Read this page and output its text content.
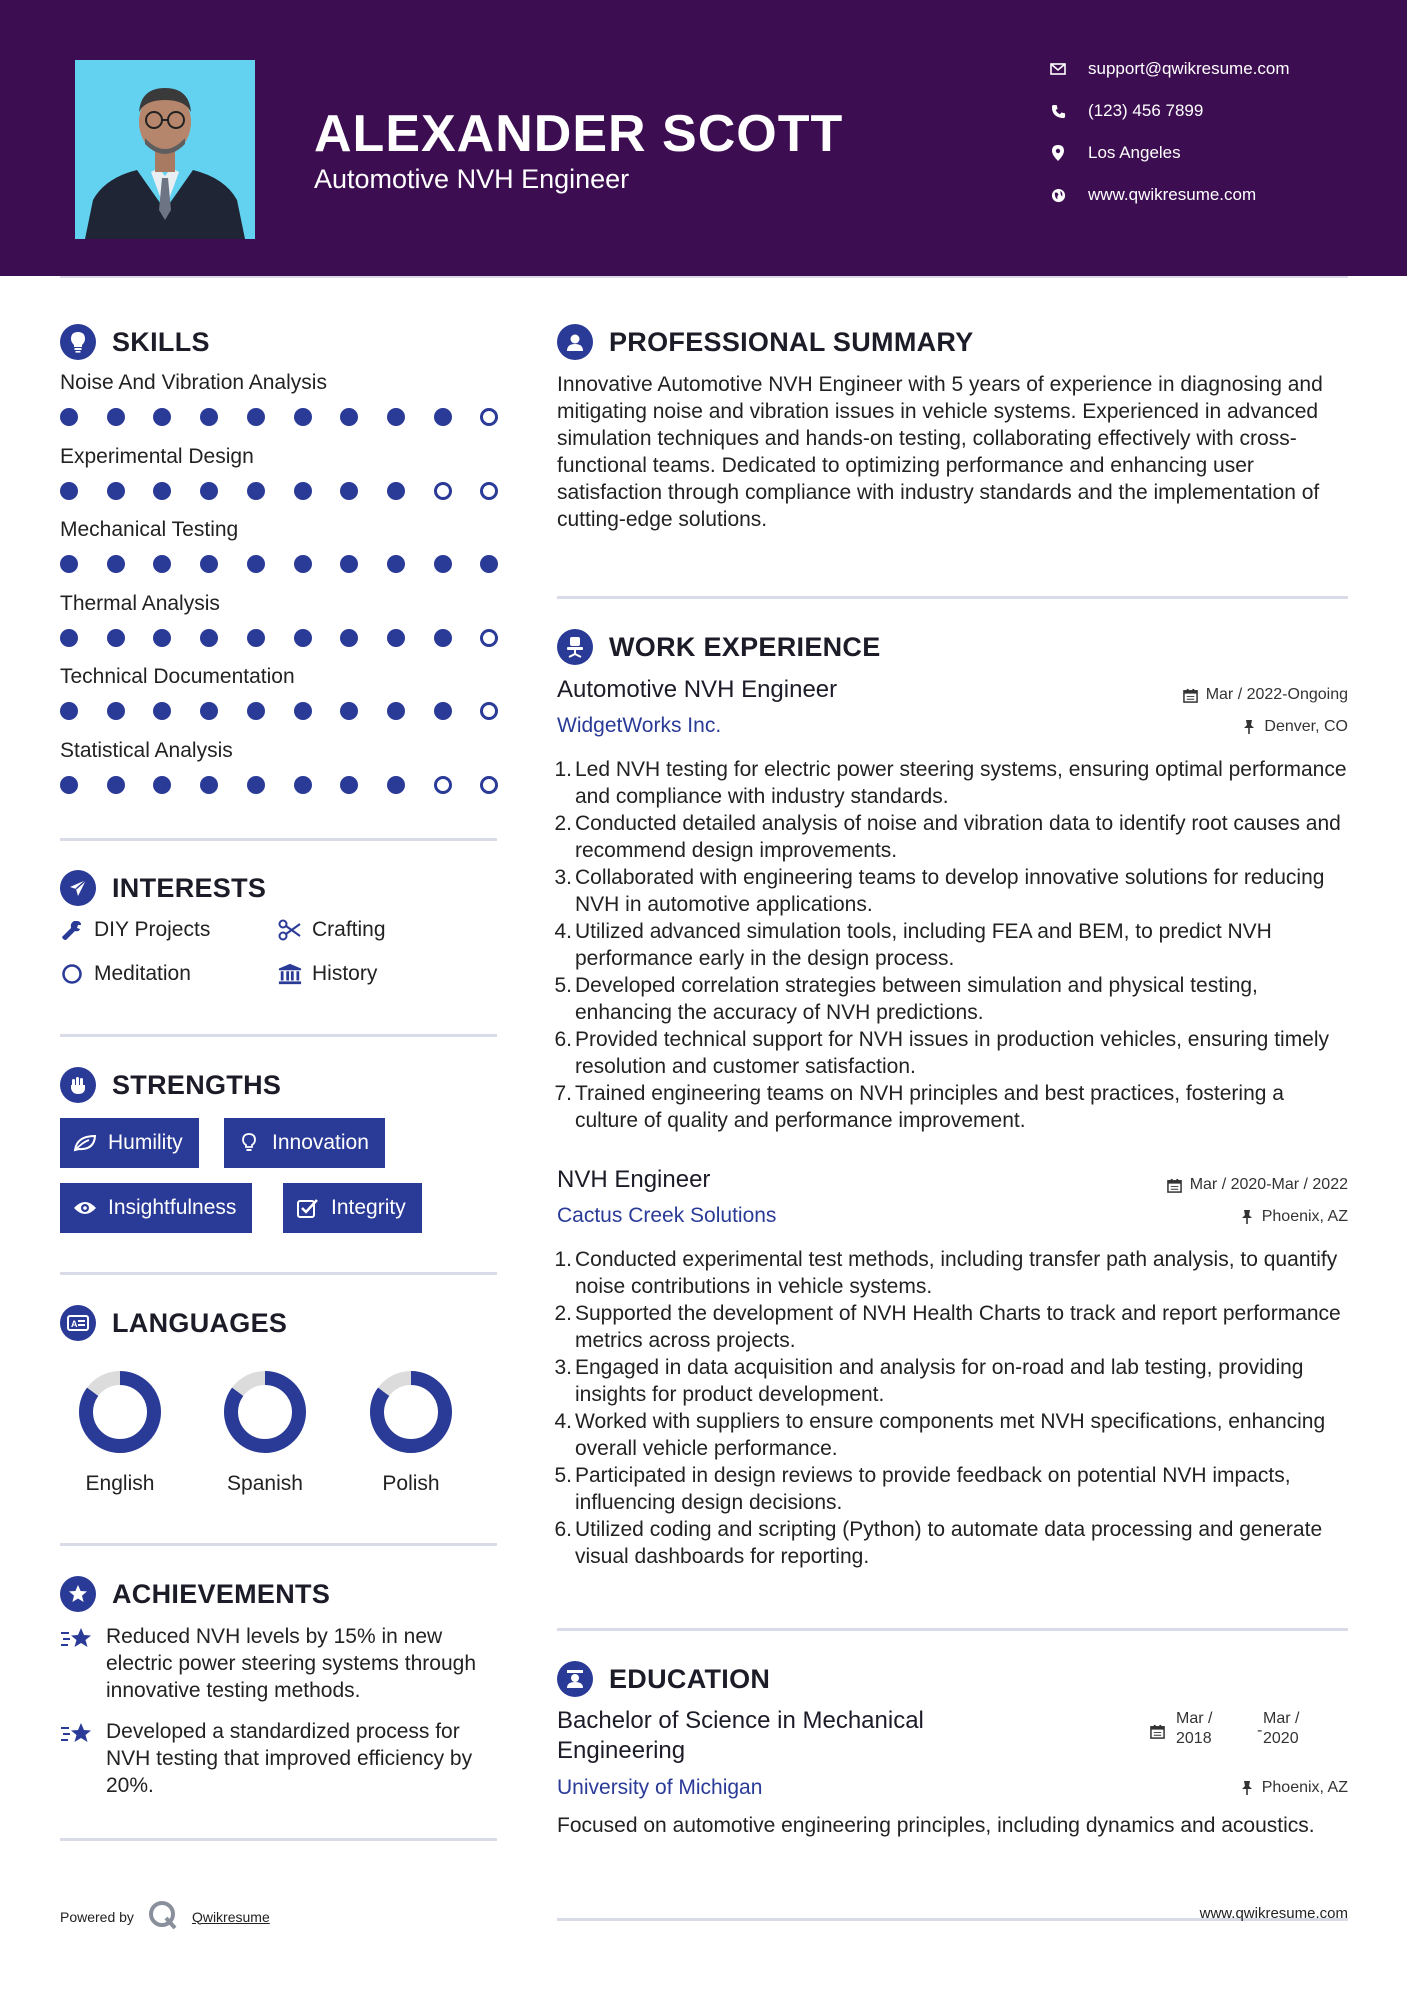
ALEXANDER SCOTT
Automotive NVH Engineer
support@qwikresume.com
(123) 456 7899
Los Angeles
www.qwikresume.com
SKILLS
Noise And Vibration Analysis
Experimental Design
Mechanical Testing
Thermal Analysis
Technical Documentation
Statistical Analysis
INTERESTS
DIY Projects	Crafting
Meditation	History
STRENGTHS
Humility	Innovation
Insightfulness	Integrity
A LANGUAGES
English	Spanish	Polish
ACHIEVEMENTS
Reduced NVH levels by 15% in new electric power steering systems through innovative testing methods.
Developed a standardized process for NVH testing that improved efficiency by 20%.
Powered by	Qwikresume
PROFESSIONAL SUMMARY
Innovative Automotive NVH Engineer with 5 years of experience in diagnosing and mitigating noise and vibration issues in vehicle systems. Experienced in advanced simulation techniques and hands-on testing, collaborating effectively with cross-functional teams. Dedicated to optimizing performance and enhancing user satisfaction through compliance with industry standards and the implementation of cutting-edge solutions.
WORK EXPERIENCE
Automotive NVH Engineer	Mar / 2022-Ongoing
WidgetWorks Inc.	Denver, CO
1. Led NVH testing for electric power steering systems, ensuring optimal performance and compliance with industry standards.
2. Conducted detailed analysis of noise and vibration data to identify root causes and recommend design improvements.
3. Collaborated with engineering teams to develop innovative solutions for reducing NVH in automotive applications.
4. Utilized advanced simulation tools, including FEA and BEM, to predict NVH performance early in the design process.
5. Developed correlation strategies between simulation and physical testing, enhancing the accuracy of NVH predictions.
6. Provided technical support for NVH issues in production vehicles, ensuring timely resolution and customer satisfaction.
7. Trained engineering teams on NVH principles and best practices, fostering a culture of quality and performance improvement.
NVH Engineer	Mar / 2020-Mar / 2022
Cactus Creek Solutions	Phoenix, AZ
1. Conducted experimental test methods, including transfer path analysis, to quantify noise contributions in vehicle systems.
2. Supported the development of NVH Health Charts to track and report performance metrics across projects.
3. Engaged in data acquisition and analysis for on-road and lab testing, providing insights for product development.
4. Worked with suppliers to ensure components met NVH specifications, enhancing overall vehicle performance.
5. Participated in design reviews to provide feedback on potential NVH impacts, influencing design decisions.
6. Utilized coding and scripting (Python) to automate data processing and generate visual dashboards for reporting.
EDUCATION
Bachelor of Science in Mechanical
Engineering
Mar /
2018	-
Mar /
2020
University of Michigan	Phoenix, AZ
Focused on automotive engineering principles, including dynamics and acoustics.
www.qwikresume.com
